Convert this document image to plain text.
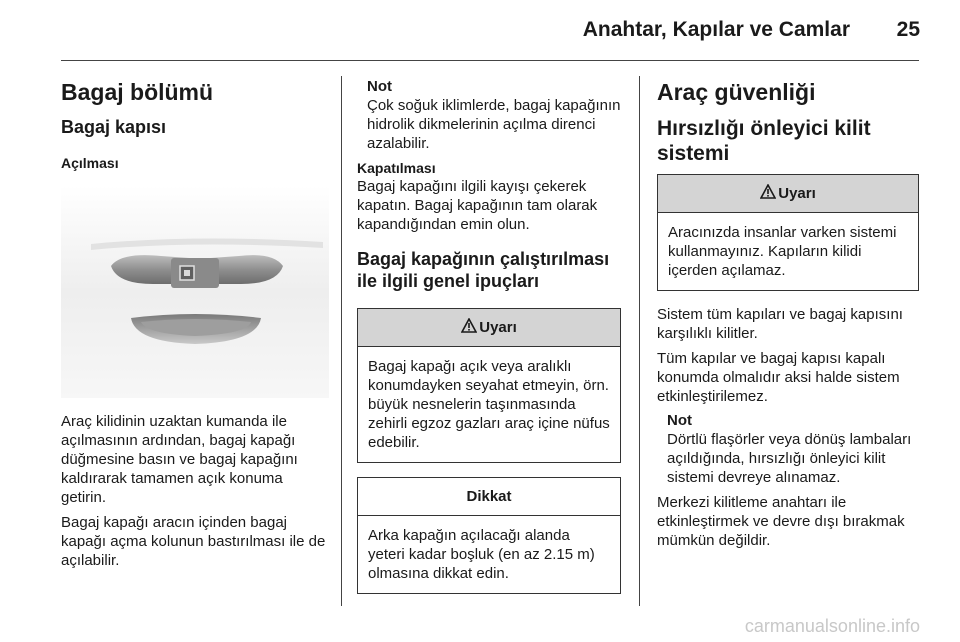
Anahtar, Kapılar ve Camlar	25
Bagaj bölümü
Bagaj kapısı
Açılması

Araç kilidinin uzaktan kumanda ile açılmasının ardından, bagaj kapağı düğmesine basın ve bagaj kapağını kaldırarak tamamen açık konuma getirin.

Bagaj kapağı aracın içinden bagaj kapağı açma kolunun bastırılması ile de açılabilir.

Not
Çok soğuk iklimlerde, bagaj kapağının hidrolik dikmelerinin açılma direnci azalabilir.
Kapatılması

Bagaj kapağını ilgili kayışı çekerek kapatın. Bagaj kapağının tam olarak kapandığından emin olun.

Bagaj kapağının çalıştırılması ile ilgili genel ipuçları
Uyarı
Bagaj kapağı açık veya aralıklı konumdayken seyahat etmeyin, örn. büyük nesnelerin taşınmasında zehirli egzoz gazları araç içine nüfus edebilir.
Dikkat
Arka kapağın açılacağı alanda yeteri kadar boşluk (en az 2.15 m) olmasına dikkat edin.
Araç güvenliği
Hırsızlığı önleyici kilit sistemi
Uyarı
Aracınızda insanlar varken sistemi kullanmayınız. Kapıların kilidi içerden açılamaz.

Sistem tüm kapıları ve bagaj kapısını karşılıklı kilitler.

Tüm kapılar ve bagaj kapısı kapalı konumda olmalıdır aksi halde sistem etkinleştirilemez.

Not
Dörtlü flaşörler veya dönüş lambaları açıldığında, hırsızlığı önleyici kilit sistemi devreye alınamaz.

Merkezi kilitleme anahtarı ile etkinleştirmek ve devre dışı bırakmak mümkün değildir.

carmanualsonline.info
